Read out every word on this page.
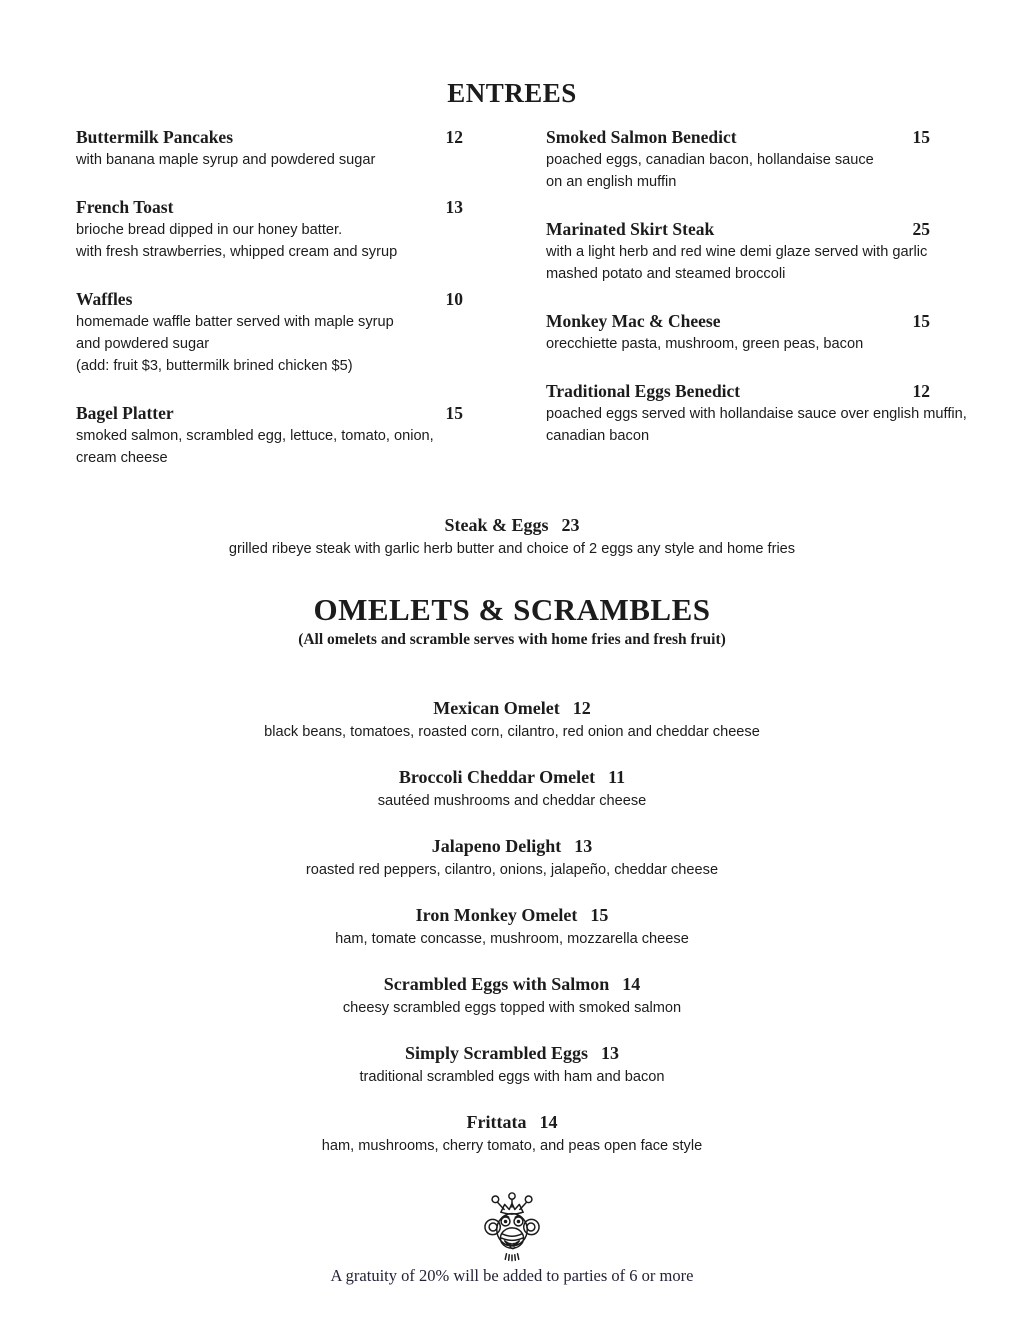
ENTREES
Buttermilk Pancakes	12
with banana maple syrup and powdered sugar
French Toast	13
brioche bread dipped in our honey batter.
with fresh strawberries, whipped cream and syrup
Waffles	10
homemade waffle batter served with maple syrup
and powdered sugar
(add: fruit $3, buttermilk brined chicken $5)
Bagel Platter	15
smoked salmon, scrambled egg, lettuce, tomato, onion,
cream cheese
Smoked Salmon Benedict	15
poached eggs, canadian bacon, hollandaise sauce
on an english muffin
Marinated Skirt Steak	25
with a light herb and red wine demi glaze served with garlic
mashed potato and steamed broccoli
Monkey Mac & Cheese	15
orecchiette pasta, mushroom, green peas, bacon
Traditional Eggs Benedict	12
poached eggs served with hollandaise sauce over english muffin,
canadian bacon
Steak & Eggs 23
grilled ribeye steak with garlic herb butter and choice of 2 eggs any style and home fries
OMELETS & SCRAMBLES
(All omelets and scramble serves with home fries and fresh fruit)
Mexican Omelet 12
black beans, tomatoes, roasted corn, cilantro, red onion and cheddar cheese
Broccoli Cheddar Omelet 11
sautéed mushrooms and cheddar cheese
Jalapeno Delight 13
roasted red peppers, cilantro, onions, jalapeño, cheddar cheese
Iron Monkey Omelet 15
ham, tomate concasse, mushroom, mozzarella cheese
Scrambled Eggs with Salmon 14
cheesy scrambled eggs topped with smoked salmon
Simply Scrambled Eggs 13
traditional scrambled eggs with ham and bacon
Frittata 14
ham, mushrooms, cherry tomato, and peas open face style
A gratuity of 20% will be added to parties of 6 or more
